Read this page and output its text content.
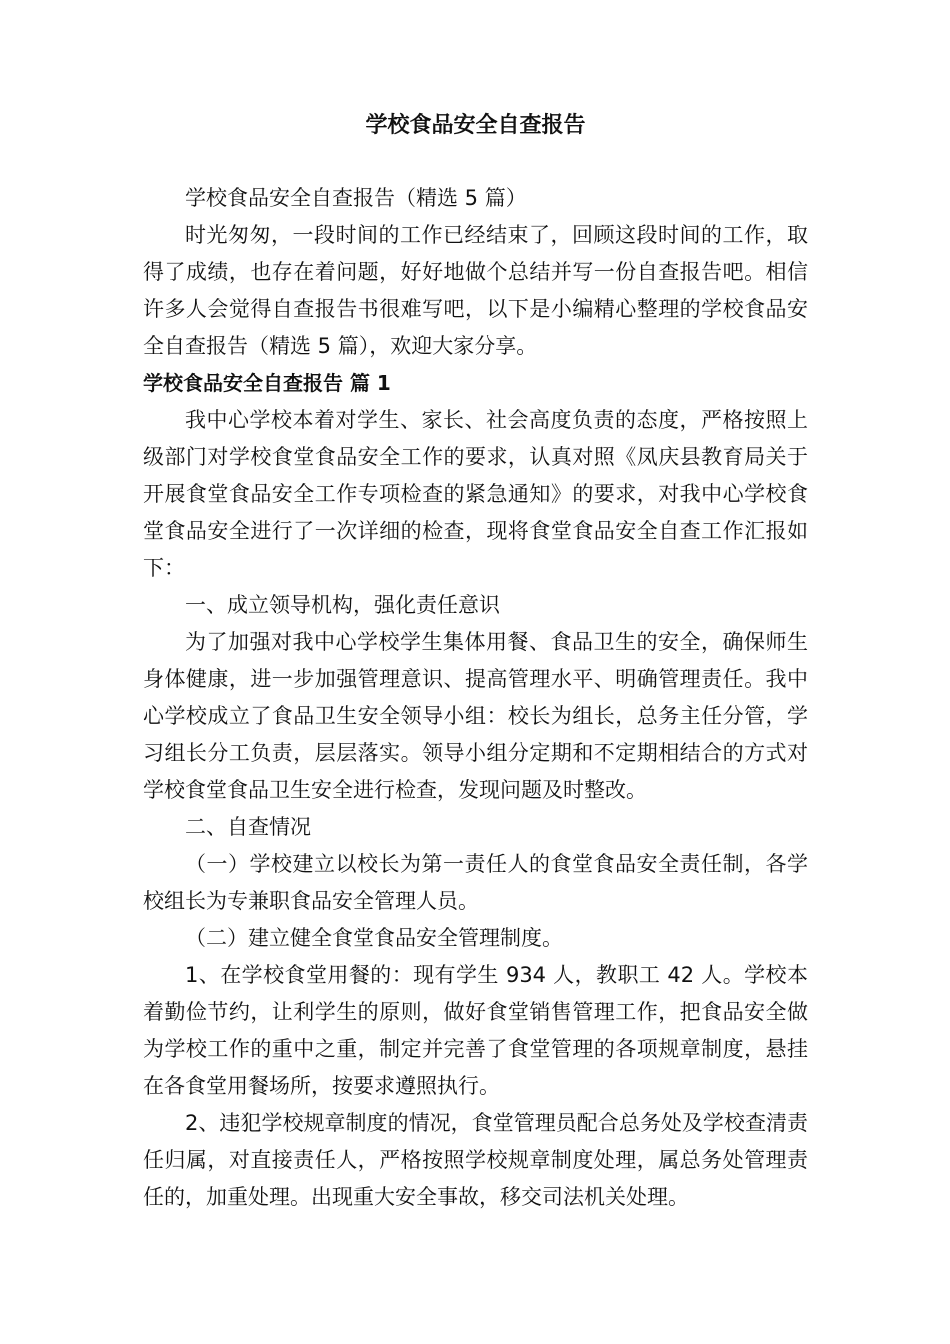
学校食品安全自查报告

学校食品安全自查报告（精选 5 篇）

时光匆匆，一段时间的工作已经结束了，回顾这段时间的工作，取得了成绩，也存在着问题，好好地做个总结并写一份自查报告吧。相信许多人会觉得自查报告书很难写吧，以下是小编精心整理的学校食品安全自查报告（精选 5 篇），欢迎大家分享。

学校食品安全自查报告 篇 1

我中心学校本着对学生、家长、社会高度负责的态度，严格按照上级部门对学校食堂食品安全工作的要求，认真对照《凤庆县教育局关于开展食堂食品安全工作专项检查的紧急通知》的要求，对我中心学校食堂食品安全进行了一次详细的检查，现将食堂食品安全自查工作汇报如下：

一、成立领导机构，强化责任意识

为了加强对我中心学校学生集体用餐、食品卫生的安全，确保师生身体健康，进一步加强管理意识、提高管理水平、明确管理责任。我中心学校成立了食品卫生安全领导小组：校长为组长，总务主任分管，学习组长分工负责，层层落实。领导小组分定期和不定期相结合的方式对学校食堂食品卫生安全进行检查，发现问题及时整改。

二、自查情况

（一）学校建立以校长为第一责任人的食堂食品安全责任制，各学校组长为专兼职食品安全管理人员。

（二）建立健全食堂食品安全管理制度。

1、在学校食堂用餐的：现有学生 934 人，教职工 42 人。学校本着勤俭节约，让利学生的原则，做好食堂销售管理工作，把食品安全做为学校工作的重中之重，制定并完善了食堂管理的各项规章制度，悬挂在各食堂用餐场所，按要求遵照执行。

2、违犯学校规章制度的情况，食堂管理员配合总务处及学校查清责任归属，对直接责任人，严格按照学校规章制度处理，属总务处管理责任的，加重处理。出现重大安全事故，移交司法机关处理。
